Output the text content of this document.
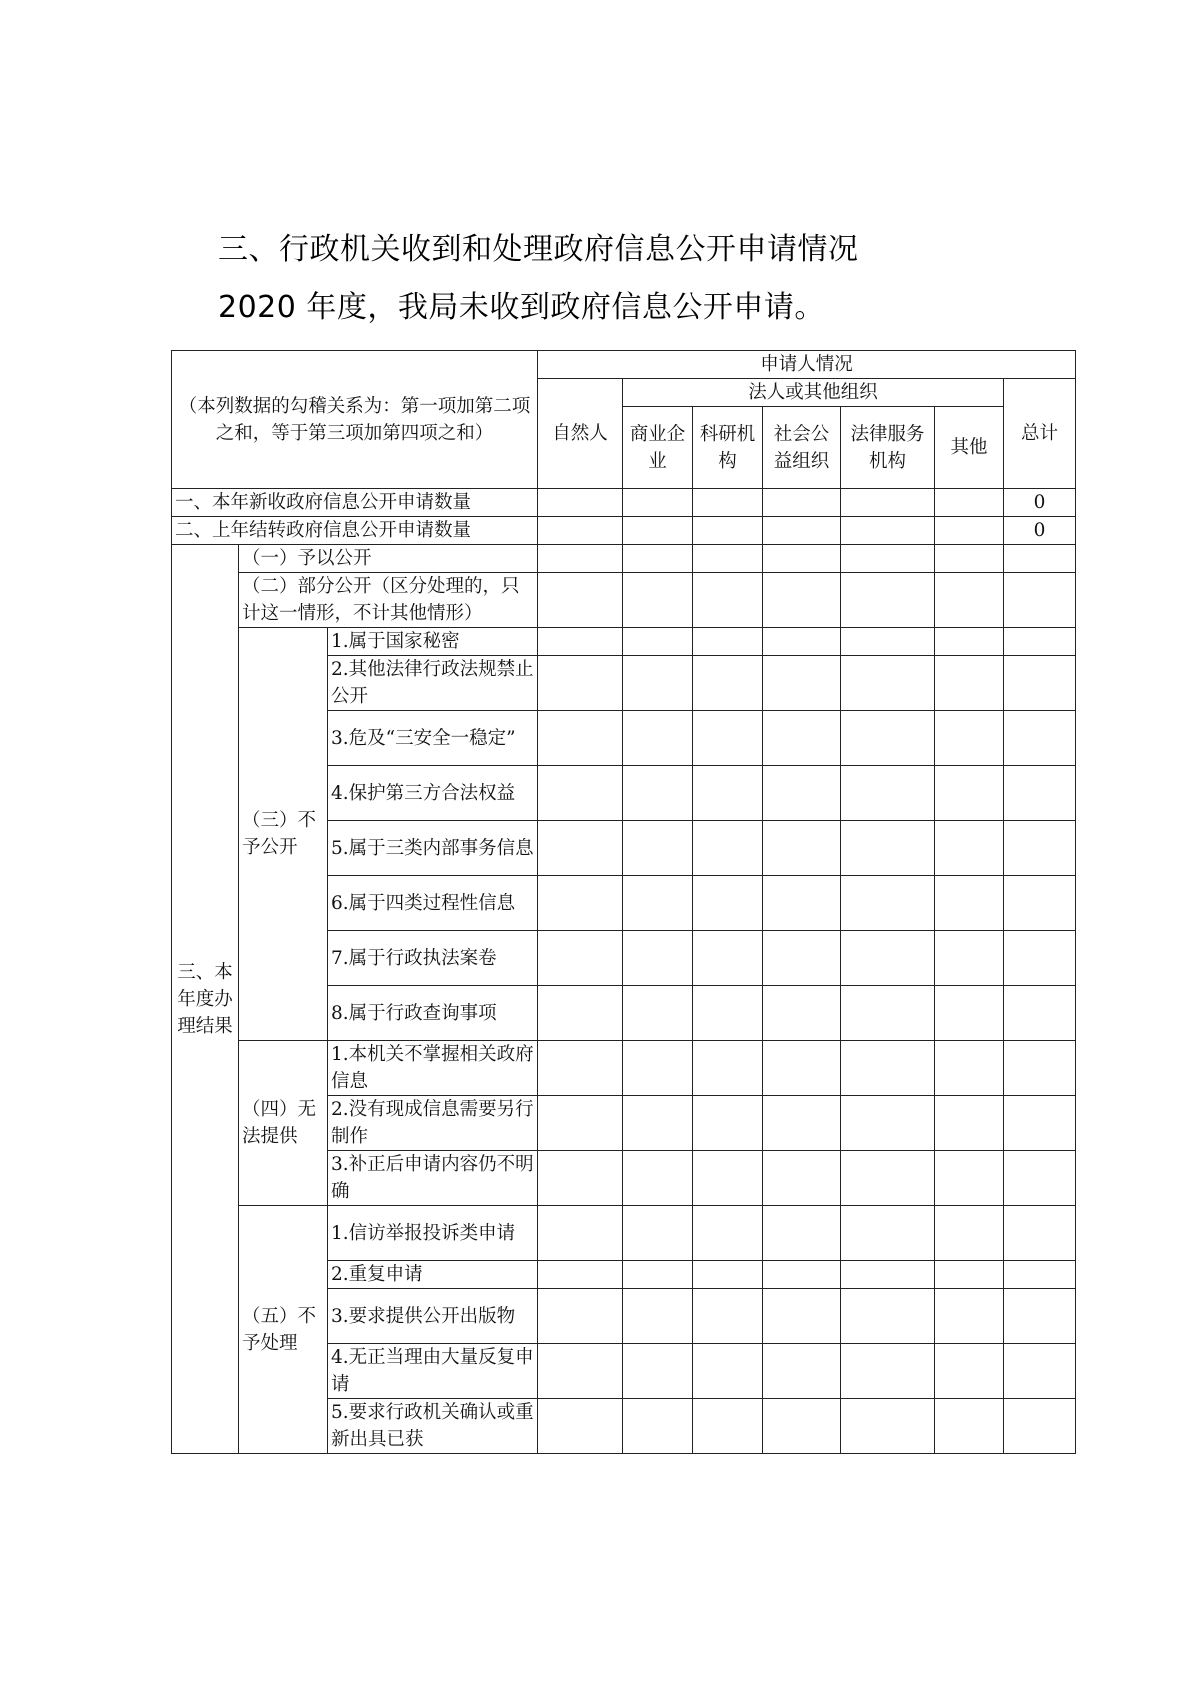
三、行政机关收到和处理政府信息公开申请情况
2020 年度，我局未收到政府信息公开申请。
（本列数据的勾稽关系为：第一项加第二项之和，等于第三项加第四项之和）			申请人情况						
			自然人	法人或其他组织					总计
				商业企业	科研机构	社会公益组织	法律服务机构	其他	
一、本年新收政府信息公开申请数量									0
二、上年结转政府信息公开申请数量									0
三、本年度办理结果	（一）予以公开								
	（二）部分公开（区分处理的，只计这一情形，不计其他情形）								
	（三）不予公开	1.属于国家秘密							
		2.其他法律行政法规禁止公开							
		3.危及“三安全一稳定”							
		4.保护第三方合法权益							
		5.属于三类内部事务信息							
		6.属于四类过程性信息							
		7.属于行政执法案卷							
		8.属于行政查询事项							
	（四）无法提供	1.本机关不掌握相关政府信息							
		2.没有现成信息需要另行制作							
		3.补正后申请内容仍不明确							
	（五）不予处理	1.信访举报投诉类申请							
		2.重复申请							
		3.要求提供公开出版物							
		4.无正当理由大量反复申请							
		5.要求行政机关确认或重新出具已获							
